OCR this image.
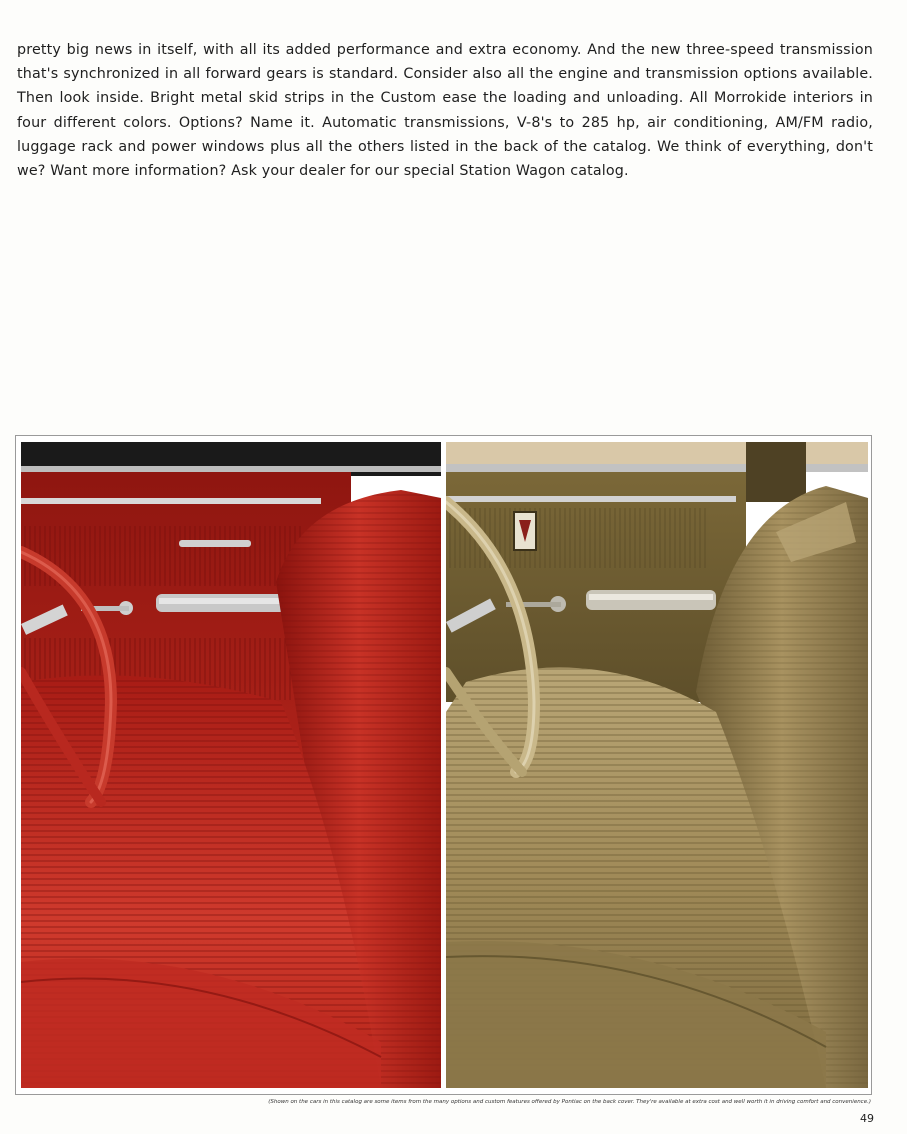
pretty big news in itself, with all its added performance and extra economy. And the new three-speed transmission that's synchronized in all forward gears is standard. Consider also all the engine and transmission options available. Then look inside. Bright metal skid strips in the Custom ease the loading and unloading. All Morrokide interiors in four different colors. Options? Name it. Automatic transmissions, V-8's to 285 hp, air conditioning, AM/FM radio, luggage rack and power windows plus all the others listed in the back of the catalog. We think of everything, don't we? Want more information? Ask your dealer for our special Station Wagon catalog.

(Shown on the cars in this catalog are some items from the many options and custom features offered by Pontiac on the back cover. They're available at extra cost and well worth it in driving comfort and convenience.)

49
